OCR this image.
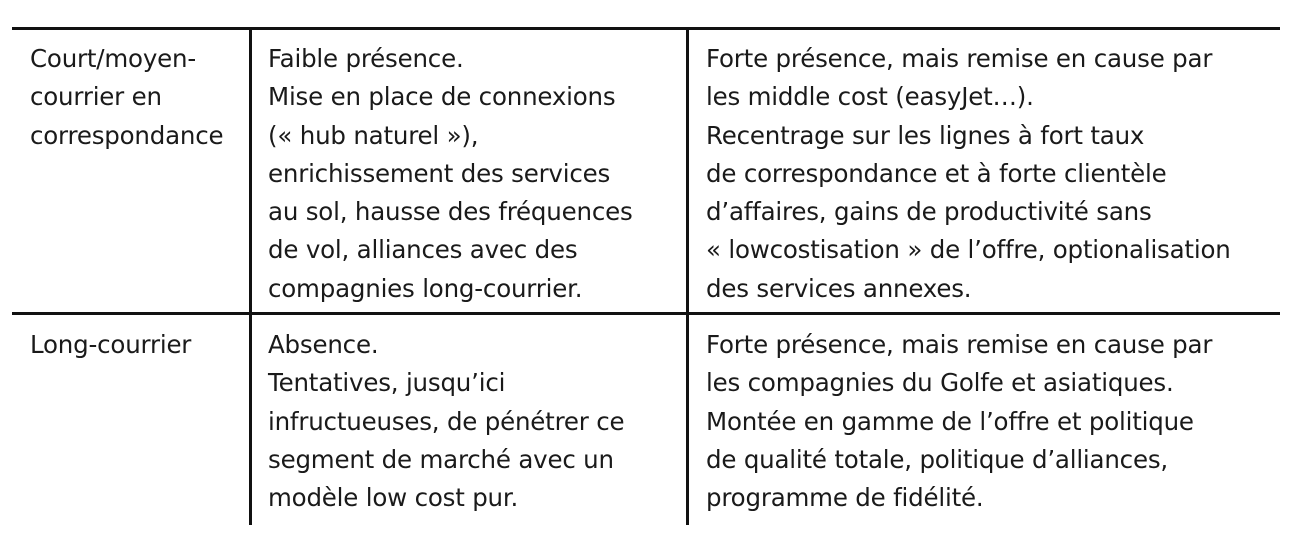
Court/moyen-
courrier en
correspondance
Faible présence.
Mise en place de connexions
(« hub naturel »),
enrichissement des services
au sol, hausse des fréquences
de vol, alliances avec des
compagnies long-courrier.
Forte présence, mais remise en cause par
les middle cost (easyJet…).
Recentrage sur les lignes à fort taux
de correspondance et à forte clientèle
d’affaires, gains de productivité sans
« lowcostisation » de l’offre, optionalisation
des services annexes.
Long-courrier	Absence.
Tentatives, jusqu’ici
infructueuses, de pénétrer ce
segment de marché avec un
modèle low cost pur.
Forte présence, mais remise en cause par
les compagnies du Golfe et asiatiques.
Montée en gamme de l’offre et politique
de qualité totale, politique d’alliances,
programme de fidélité.
